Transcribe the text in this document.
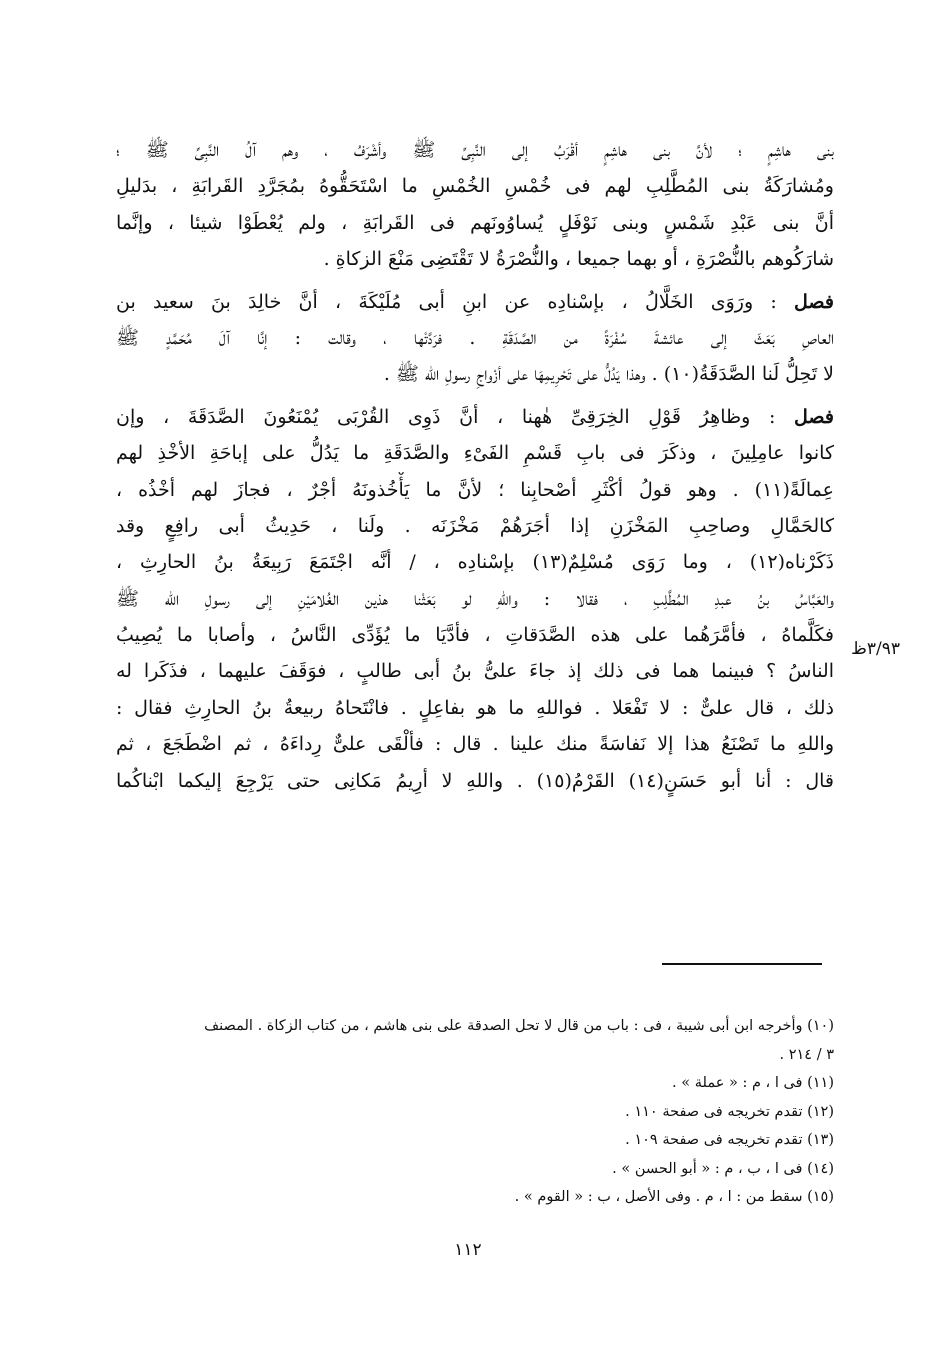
بنى هاشِمٍ ؛ لأنَّ بنى هاشِمٍ أقْرَبُ إلى النَّبِىِّ ﷺ وأشْرَفُ ، وهم آلُ النَّبِىِّ ﷺ ؛
ومُشارَكَةُ بنى المُطَّلِبِ لهم فى خُمْسِ الخُمْسِ ما اسْتَحَقُّوهُ بمُجَرَّدِ القَرابَةِ ، بدَليلِ
أنَّ بنى عَبْدِ شَمْسٍ وبنى نَوْفَلٍ يُساوُونَهم فى القَرابَةِ ، ولم يُعْطَوْا شيئا ، وإنَّما
شارَكُوهم بالنُّصْرَةِ ، أو بهما جميعا ، والنُّصْرَةُ لا تَقْتَضِى مَنْعَ الزكاةِ .
فصل : ورَوَى الخَلَّالُ ، بإسْنادِه عن ابنِ أبى مُلَيْكَةَ ، أنَّ خالِدَ بنَ سعيد بن
العاصِ بَعَثَ إلى عائشةَ سُفْرَةً من الصَّدَقَةِ . فرَدَّتْها ، وقالت : إنَّا آلَ مُحَمَّدٍ ﷺ
لا تَحِلُّ لَنا الصَّدَقَةُ(١٠) . وهذا يَدُلُّ على تَحْرِيمِهَا على أزْواجِ رسولِ الله ﷺ .
فصل : وظاهِرُ قَوْلِ الخِرَقِىِّ هٰهنا ، أنَّ ذَوِى القُرْبَى يُمْنَعُونَ الصَّدَقَةَ ، وإن
كانوا عامِلِينَ ، وذكَرَ فى بابِ قَسْمِ الفَىْءِ والصَّدَقَةِ ما يَدُلُّ على إباحَةِ الأخْذِ لهم
عِمالَةً(١١) . وهو قولُ أكْثَرِ أصْحابِنا ؛ لأنَّ ما يَأْخُذونَهُ أجْرٌ ، فجازَ لهم أخْذُه ،
كالحَمَّالِ وصاحِبِ المَخْزَنِ إذا أجَرَهُمْ مَخْزَنَه . ولَنا ، حَدِيثُ أبى رافِعٍ وقد
ذَكَرْناه(١٢) ، وما رَوَى مُسْلِمٌ(١٣) بإسْنادِه ، / أنَّه اجْتَمَعَ رَبِيعَةُ بنُ الحارِثِ ،
والعَبَّاسُ بنُ عبدِ المُطَّلِبِ ، فقالا : واللهِ لو بَعَثْنا هذين الغُلامَيْنِ إلى رسولِ الله ﷺ
فكَلَّماهُ ، فأمَّرَهُما على هذه الصَّدَقاتِ ، فأدَّيَا ما يُؤَدِّى النَّاسُ ، وأصابا ما يُصِيبُ
الناسُ ؟ فبينما هما فى ذلك إذ جاءَ علىُّ بنُ أبى طالبٍ ، فوَقَفَ عليهما ، فذَكَرا له
ذلك ، قال علىٌّ : لا تَفْعَلا . فواللهِ ما هو بفاعِلٍ . فانْتَحاهُ ربيعةُ بنُ الحارِثِ فقال :
واللهِ ما تَصْنَعُ هذا إلا نَفاسَةً منك علينا . قال : فألْقَى علىٌّ رِداءَهُ ، ثم اضْطَجَعَ ، ثم
قال : أنا أبو حَسَنٍ(١٤) القَرْمُ(١٥) . واللهِ لا أرِيمُ مَكانِى حتى يَرْجِعَ إليكما ابْناكُما
٣/٩٣ظ
(١٠) وأخرجه ابن أبى شيبة ، فى : باب من قال لا تحل الصدقة على بنى هاشم ، من كتاب الزكاة . المصنف
٣ / ٢١٤ .
(١١) فى ا ، م : « عملة » .
(١٢) تقدم تخريجه فى صفحة ١١٠ .
(١٣) تقدم تخريجه فى صفحة ١٠٩ .
(١٤) فى ا ، ب ، م : « أبو الحسن » .
(١٥) سقط من : ا ، م . وفى الأصل ، ب : « القوم » .
١١٢
